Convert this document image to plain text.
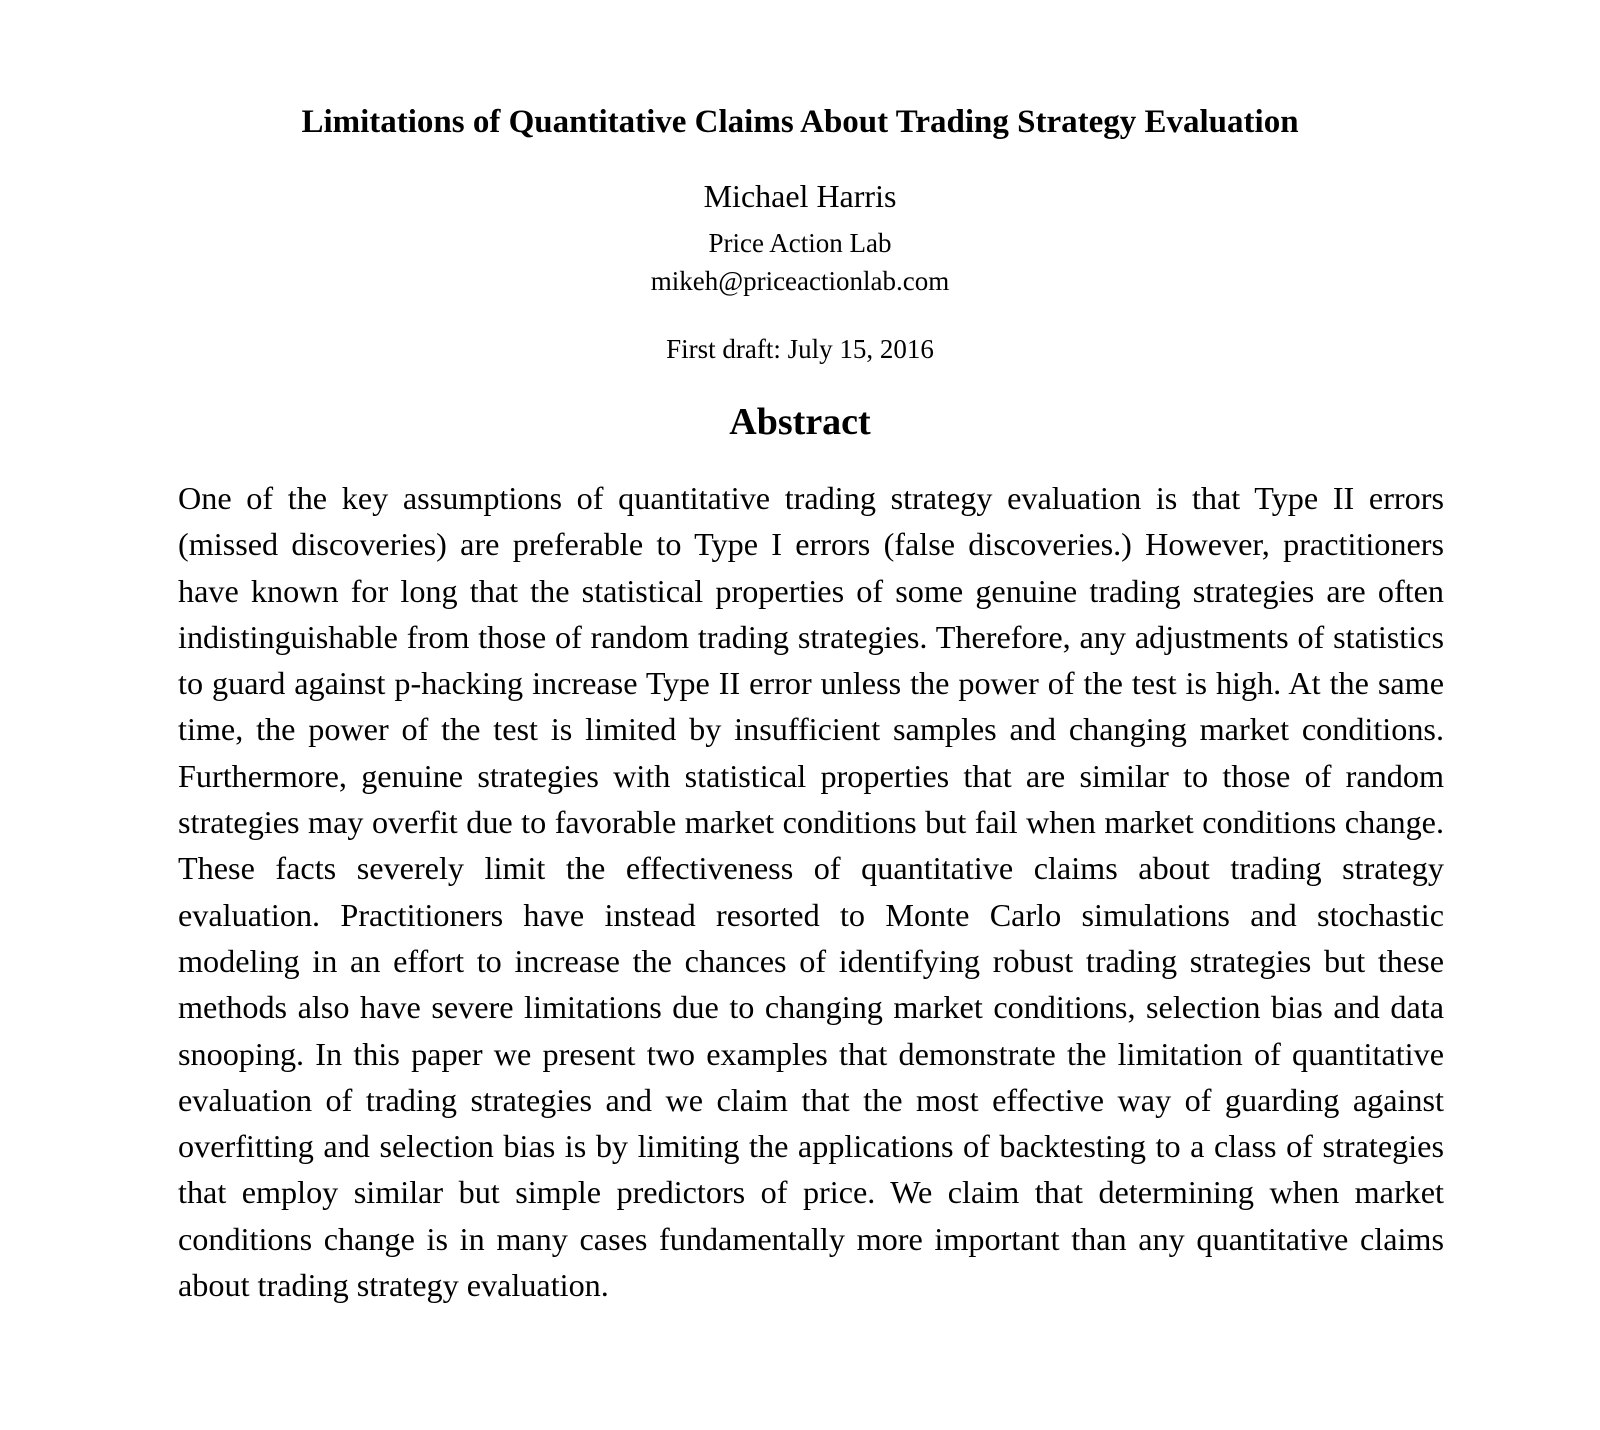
Limitations of Quantitative Claims About Trading Strategy Evaluation

Michael Harris

Price Action Lab

mikeh@priceactionlab.com

First draft: July 15, 2016

Abstract

One of the key assumptions of quantitative trading strategy evaluation is that Type II errors (missed discoveries) are preferable to Type I errors (false discoveries.) However, practitioners have known for long that the statistical properties of some genuine trading strategies are often indistinguishable from those of random trading strategies. Therefore, any adjustments of statistics to guard against p-hacking increase Type II error unless the power of the test is high. At the same time, the power of the test is limited by insufficient samples and changing market conditions. Furthermore, genuine strategies with statistical properties that are similar to those of random strategies may overfit due to favorable market conditions but fail when market conditions change. These facts severely limit the effectiveness of quantitative claims about trading strategy evaluation. Practitioners have instead resorted to Monte Carlo simulations and stochastic modeling in an effort to increase the chances of identifying robust trading strategies but these methods also have severe limitations due to changing market conditions, selection bias and data snooping. In this paper we present two examples that demonstrate the limitation of quantitative evaluation of trading strategies and we claim that the most effective way of guarding against overfitting and selection bias is by limiting the applications of backtesting to a class of strategies that employ similar but simple predictors of price. We claim that determining when market conditions change is in many cases fundamentally more important than any quantitative claims about trading strategy evaluation.
